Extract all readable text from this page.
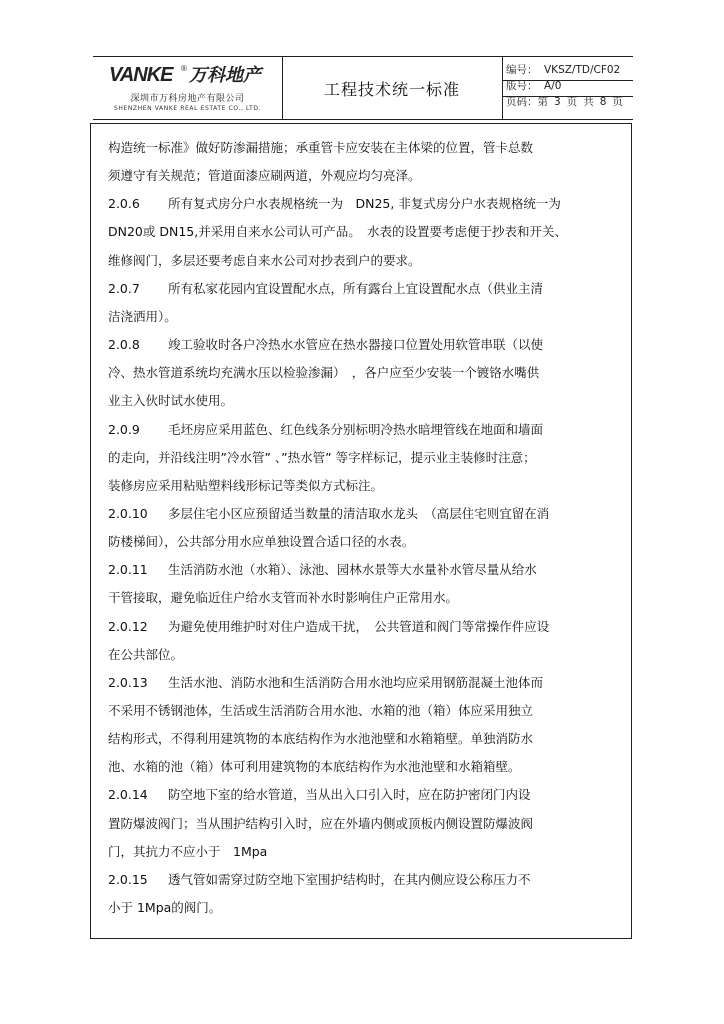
VANKE ® 万科地产
深圳市万科房地产有限公司
SHENZHEN VANKE REAL ESTATE CO., LTD.
工程技术统一标准
编号： VKSZ/TD/CF02
版号： A/0
页码：第 3 页 共 8 页
构造统一标准》做好防渗漏措施；承重管卡应安装在主体梁的位置，管卡总数
须遵守有关规范；管道面漆应刷两道，外观应均匀亮泽。
2.0.6 所有复式房分户水表规格统一为　DN25, 非复式房分户水表规格统一为
DN20或 DN15,并采用自来水公司认可产品。　水表的设置要考虑便于抄表和开关、
维修阀门，多层还要考虑自来水公司对抄表到户的要求。
2.0.7 所有私家花园内宜设置配水点，所有露台上宜设置配水点（供业主清
洁浇洒用）。
2.0.8 竣工验收时各户冷热水水管应在热水器接口位置处用软管串联（以使
冷、热水管道系统均充满水压以检验渗漏）　，各户应至少安装一个镀铬水嘴供
业主入伙时试水使用。
2.0.9 毛坯房应采用蓝色、红色线条分别标明冷热水暗埋管线在地面和墙面
的走向，并沿线注明”冷水管” 、”热水管” 等字样标记，提示业主装修时注意；
装修房应采用粘贴塑料线形标记等类似方式标注。
2.0.10 多层住宅小区应预留适当数量的清洁取水龙头　（高层住宅则宜留在消
防楼梯间），公共部分用水应单独设置合适口径的水表。
2.0.11 生活消防水池（水箱）、泳池、园林水景等大水量补水管尽量从给水
干管接取，避免临近住户给水支管而补水时影响住户正常用水。
2.0.12 为避免使用维护时对住户造成干扰，　公共管道和阀门等常操作件应设
在公共部位。
2.0.13 生活水池、消防水池和生活消防合用水池均应采用钢筋混凝土池体而
不采用不锈钢池体，生活或生活消防合用水池、水箱的池（箱）体应采用独立
结构形式，不得利用建筑物的本底结构作为水池池壁和水箱箱壁。单独消防水
池、水箱的池（箱）体可利用建筑物的本底结构作为水池池壁和水箱箱壁。
2.0.14 防空地下室的给水管道，当从出入口引入时，应在防护密闭门内设
置防爆波阀门；当从围护结构引入时，应在外墙内侧或顶板内侧设置防爆波阀
门，其抗力不应小于　1Mpa
2.0.15 透气管如需穿过防空地下室围护结构时，在其内侧应设公称压力不
小于 1Mpa的阀门。
